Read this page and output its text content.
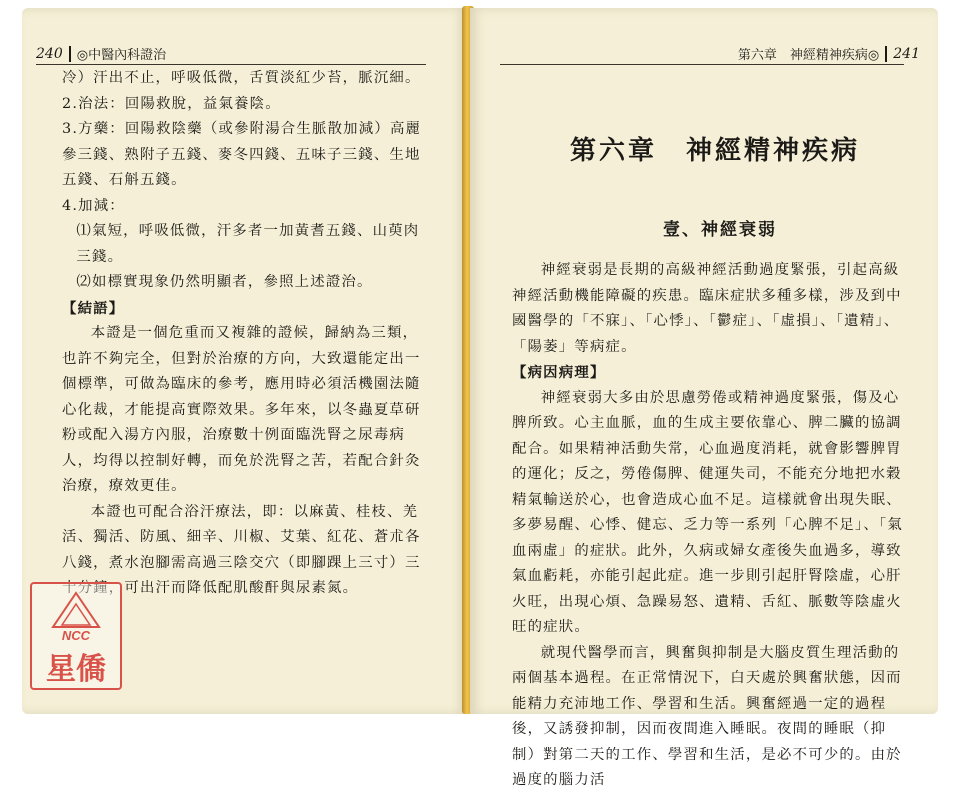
240 ◎中醫內科證治	第六章　神經精神疾病◎ 241

冷）汗出不止，呼吸低微，舌質淡紅少苔，脈沉細。

2.治法：回陽救脫，益氣養陰。

3.方藥：回陽救陰藥（或參附湯合生脈散加減）高麗參三錢、熟附子五錢、麥冬四錢、五味子三錢、生地五錢、石斛五錢。

4.加減：

⑴氣短，呼吸低微，汗多者一加黃耆五錢、山萸肉三錢。

⑵如標實現象仍然明顯者，參照上述證治。

【結語】

本證是一個危重而又複雜的證候，歸納為三類，也許不夠完全，但對於治療的方向，大致還能定出一個標準，可做為臨床的參考，應用時必須活機園法隨心化裁，才能提高實際效果。多年來，以冬蟲夏草研粉或配入湯方內服，治療數十例面臨洗腎之尿毒病人，均得以控制好轉，而免於洗腎之苦，若配合針灸治療，療效更佳。

本證也可配合浴汗療法，即：以麻黃、桂枝、羌活、獨活、防風、細辛、川椒、艾葉、紅花、蒼朮各八錢，煮水泡腳需高過三陰交穴（即腳踝上三寸）三十分鐘，可出汗而降低配肌酸酐與尿素氮。

第六章　神經精神疾病
壹、神經衰弱

神經衰弱是長期的高級神經活動過度緊張，引起高級神經活動機能障礙的疾患。臨床症狀多種多樣，涉及到中國醫學的「不寐」、「心悸」、「鬱症」、「虛損」、「遺精」、「陽萎」等病症。

【病因病理】

神經衰弱大多由於思慮勞倦或精神過度緊張，傷及心脾所致。心主血脈，血的生成主要依靠心、脾二臟的協調配合。如果精神活動失常，心血過度消耗，就會影響脾胃的運化；反之，勞倦傷脾、健運失司，不能充分地把水穀精氣輸送於心，也會造成心血不足。這樣就會出現失眠、多夢易醒、心悸、健忘、乏力等一系列「心脾不足」、「氣血兩虛」的症狀。此外，久病或婦女產後失血過多，導致氣血虧耗，亦能引起此症。進一步則引起肝腎陰虛，心肝火旺，出現心煩、急躁易怒、遺精、舌紅、脈數等陰虛火旺的症狀。

就現代醫學而言，興奮與抑制是大腦皮質生理活動的兩個基本過程。在正常情況下，白天處於興奮狀態，因而能精力充沛地工作、學習和生活。興奮經過一定的過程後，又誘發抑制，因而夜間進入睡眠。夜間的睡眠（抑制）對第二天的工作、學習和生活，是必不可少的。由於過度的腦力活

NCC
星僑
